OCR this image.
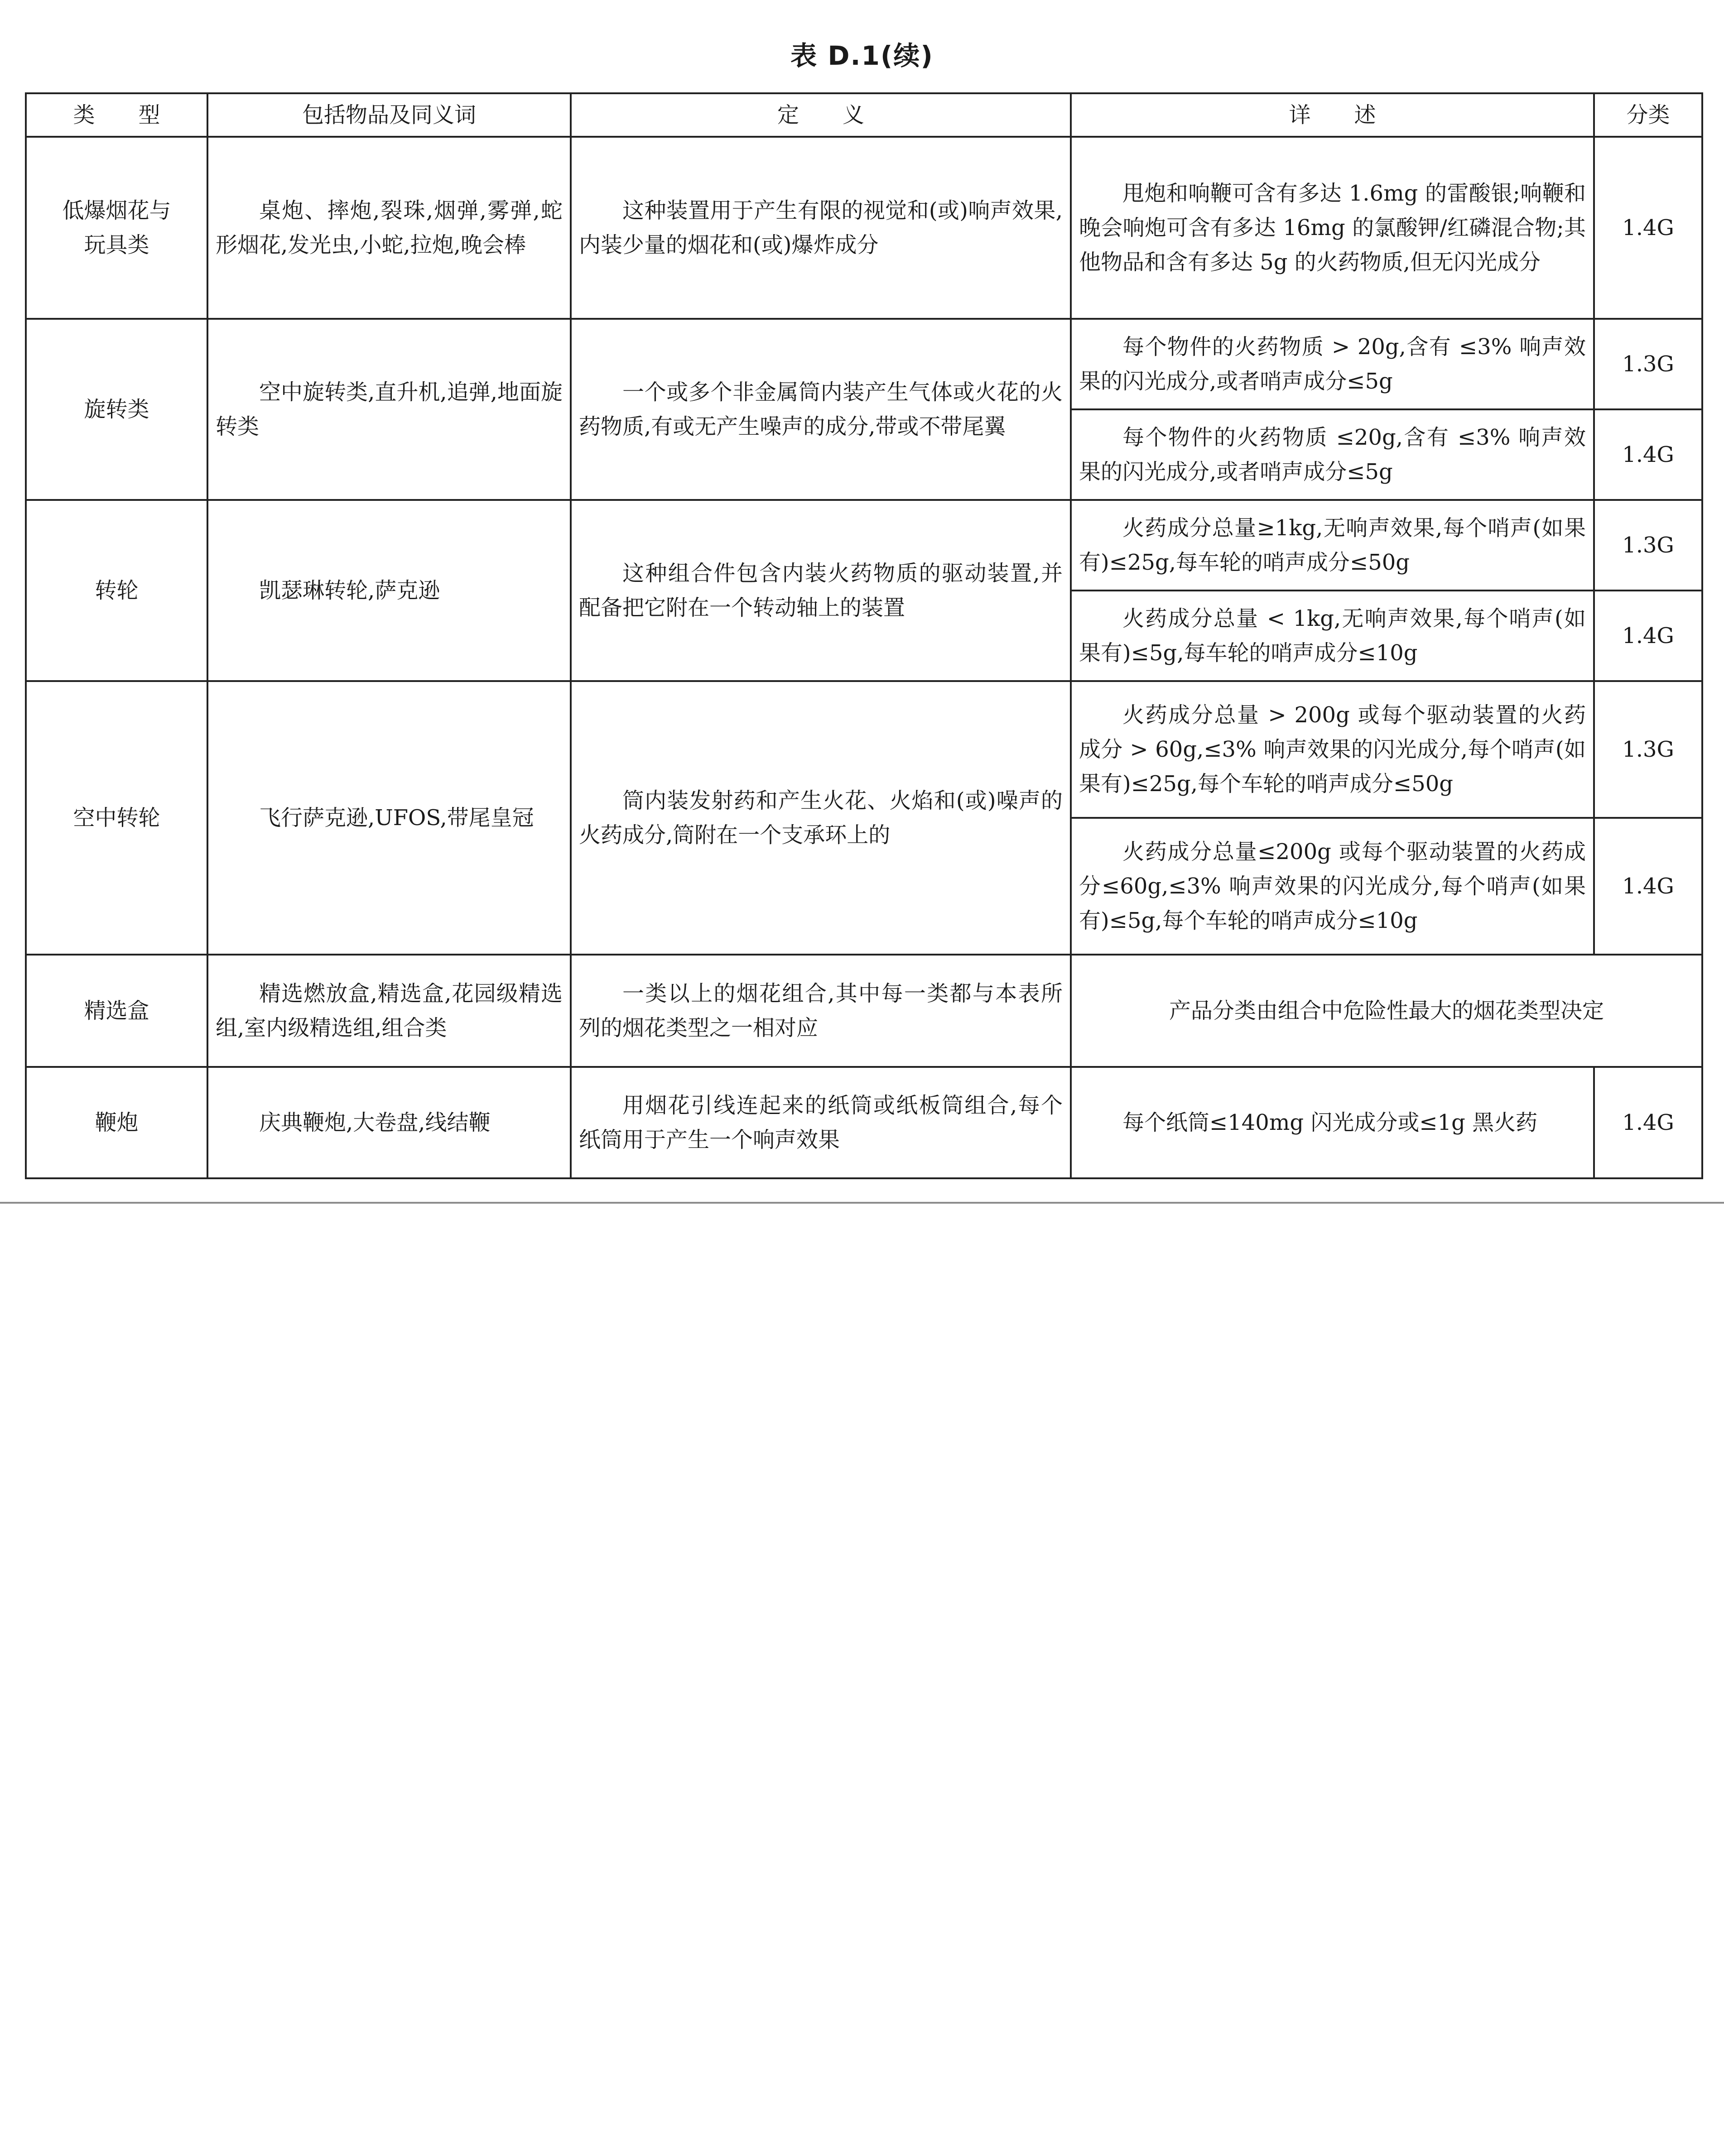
表 D.1(续)
类　　型	包括物品及同义词	定　　义	详　　述	分类
低爆烟花与玩具类	桌炮、摔炮,裂珠,烟弹,雾弹,蛇形烟花,发光虫,小蛇,拉炮,晚会棒	这种装置用于产生有限的视觉和(或)响声效果,内装少量的烟花和(或)爆炸成分	甩炮和响鞭可含有多达 1.6mg 的雷酸银;响鞭和晚会响炮可含有多达 16mg 的氯酸钾/红磷混合物;其他物品和含有多达 5g 的火药物质,但无闪光成分	1.4G
旋转类	空中旋转类,直升机,追弹,地面旋转类	一个或多个非金属筒内装产生气体或火花的火药物质,有或无产生噪声的成分,带或不带尾翼	每个物件的火药物质 > 20g,含有 ≤3% 响声效果的闪光成分,或者哨声成分≤5g	1.3G
			每个物件的火药物质 ≤20g,含有 ≤3% 响声效果的闪光成分,或者哨声成分≤5g	1.4G
转轮	凯瑟琳转轮,萨克逊	这种组合件包含内装火药物质的驱动装置,并配备把它附在一个转动轴上的装置	火药成分总量≥1kg,无响声效果,每个哨声(如果有)≤25g,每车轮的哨声成分≤50g	1.3G
			火药成分总量 < 1kg,无响声效果,每个哨声(如果有)≤5g,每车轮的哨声成分≤10g	1.4G
空中转轮	飞行萨克逊,UFOS,带尾皇冠	筒内装发射药和产生火花、火焰和(或)噪声的火药成分,筒附在一个支承环上的	火药成分总量 > 200g 或每个驱动装置的火药成分 > 60g,≤3% 响声效果的闪光成分,每个哨声(如果有)≤25g,每个车轮的哨声成分≤50g	1.3G
			火药成分总量≤200g 或每个驱动装置的火药成分≤60g,≤3% 响声效果的闪光成分,每个哨声(如果有)≤5g,每个车轮的哨声成分≤10g	1.4G
精选盒	精选燃放盒,精选盒,花园级精选组,室内级精选组,组合类	一类以上的烟花组合,其中每一类都与本表所列的烟花类型之一相对应	产品分类由组合中危险性最大的烟花类型决定	
鞭炮	庆典鞭炮,大卷盘,线结鞭	用烟花引线连起来的纸筒或纸板筒组合,每个纸筒用于产生一个响声效果	每个纸筒≤140mg 闪光成分或≤1g 黑火药	1.4G
